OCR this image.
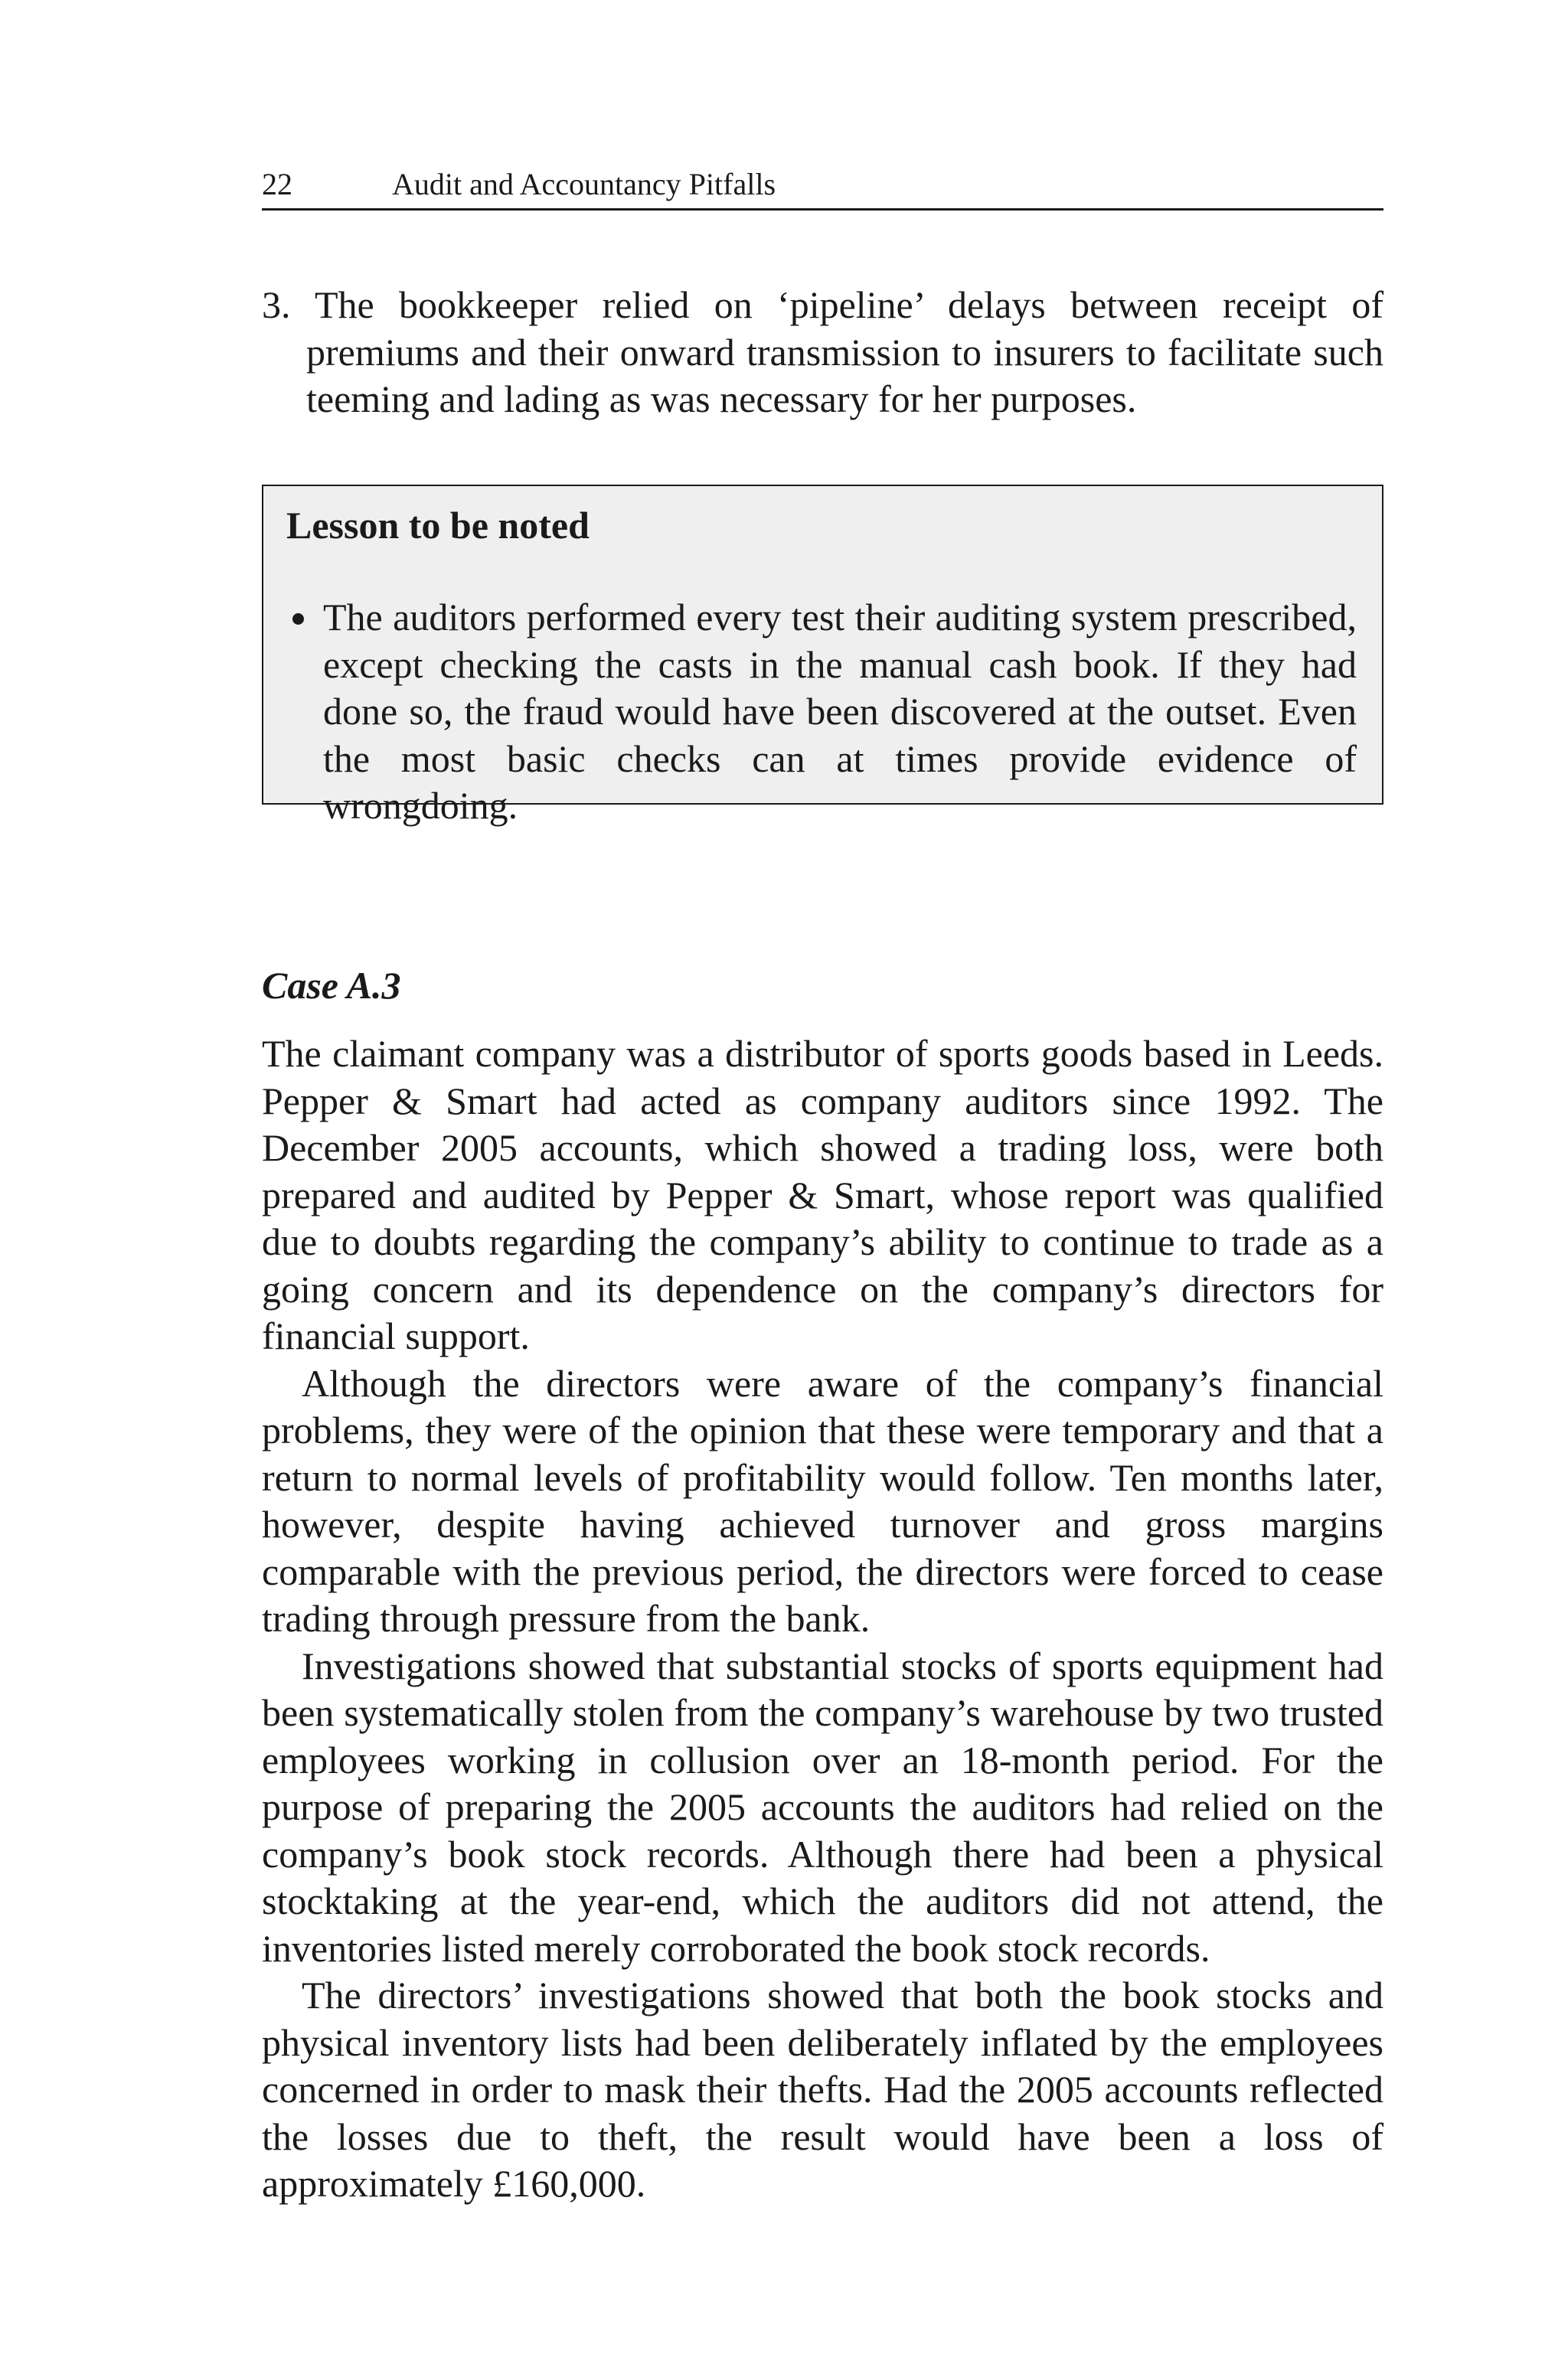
22	Audit and Accountancy Pitfalls

3. The bookkeeper relied on ‘pipeline’ delays between receipt of premiums and their onward transmission to insurers to facilitate such teeming and lading as was necessary for her purposes.

Lesson to be noted

The auditors performed every test their auditing system prescribed, except checking the casts in the manual cash book. If they had done so, the fraud would have been discovered at the outset. Even the most basic checks can at times provide evidence of wrongdoing.

Case A.3

The claimant company was a distributor of sports goods based in Leeds. Pepper & Smart had acted as company auditors since 1992. The December 2005 accounts, which showed a trading loss, were both prepared and audited by Pepper & Smart, whose report was qualified due to doubts regarding the company’s ability to continue to trade as a going concern and its dependence on the company’s directors for financial support.

Although the directors were aware of the company’s financial problems, they were of the opinion that these were temporary and that a return to normal levels of profitability would follow. Ten months later, however, despite having achieved turnover and gross margins comparable with the previous period, the directors were forced to cease trading through pressure from the bank.

Investigations showed that substantial stocks of sports equipment had been systematically stolen from the company’s warehouse by two trusted employees working in collusion over an 18-month period. For the purpose of preparing the 2005 accounts the auditors had relied on the company’s book stock records. Although there had been a physical stocktaking at the year-end, which the auditors did not attend, the inventories listed merely corroborated the book stock records.

The directors’ investigations showed that both the book stocks and physical inventory lists had been deliberately inflated by the employees concerned in order to mask their thefts. Had the 2005 accounts reflected the losses due to theft, the result would have been a loss of approximately £160,000.
